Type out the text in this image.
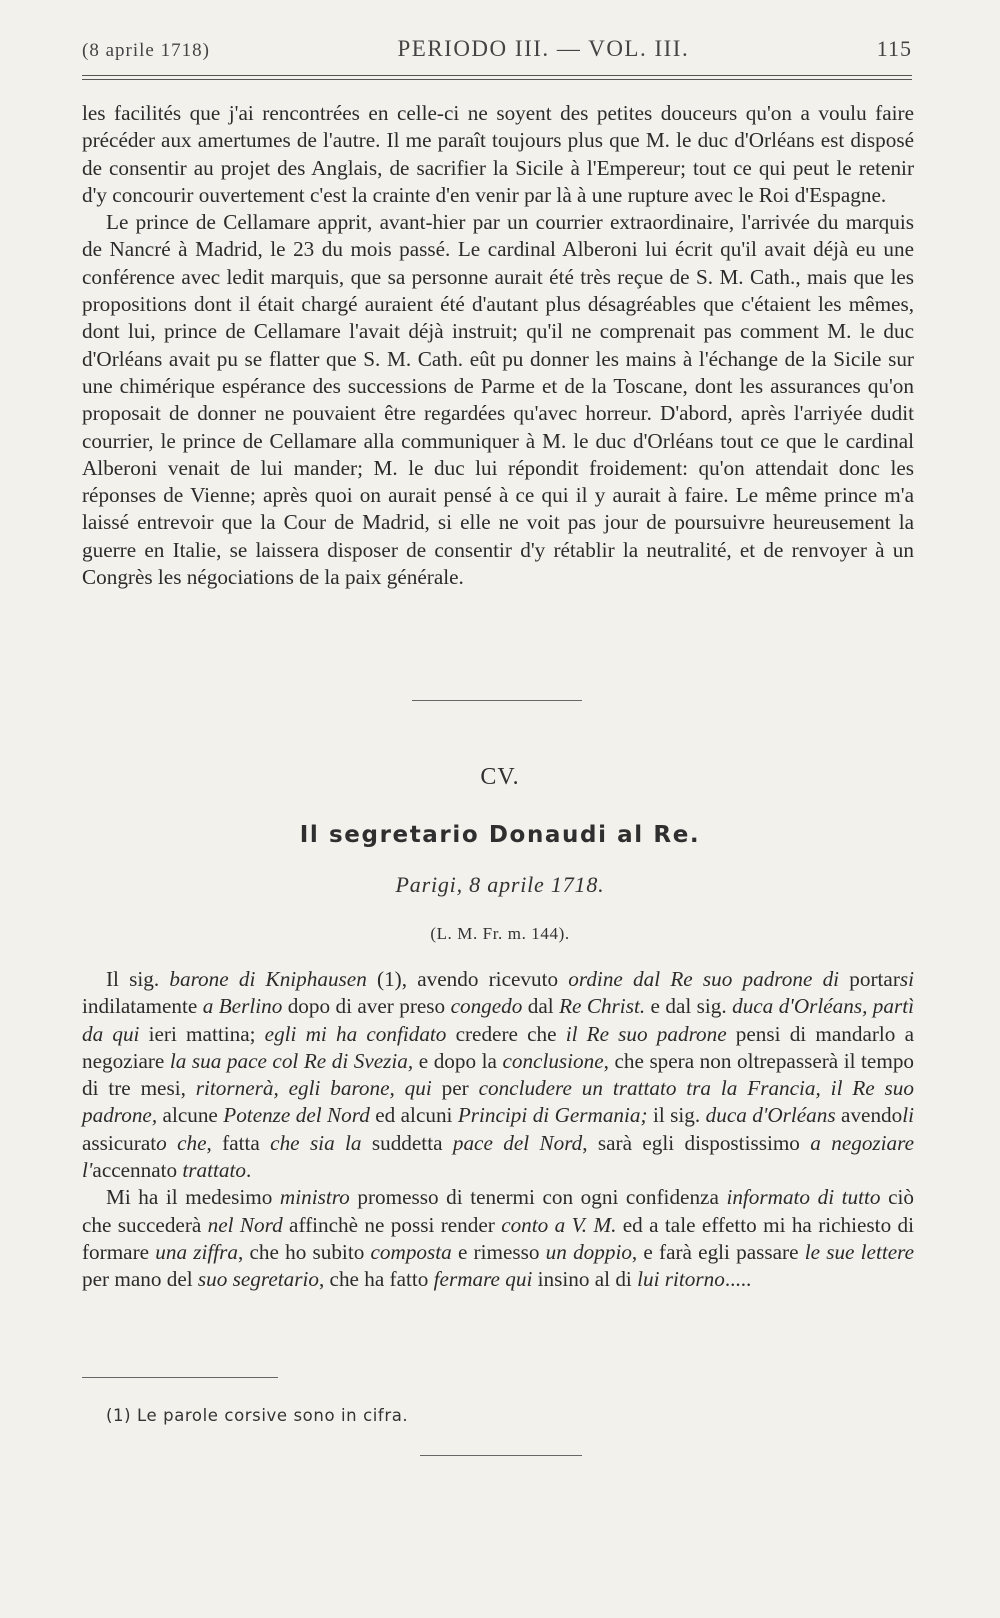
(8 aprile 1718)	PERIODO III. — VOL. III.	115

les facilités que j'ai rencontrées en celle-ci ne soyent des petites douceurs qu'on a voulu faire précéder aux amertumes de l'autre. Il me paraît toujours plus que M. le duc d'Orléans est disposé de consentir au projet des Anglais, de sacrifier la Sicile à l'Empereur; tout ce qui peut le retenir d'y concourir ouvertement c'est la crainte d'en venir par là à une rupture avec le Roi d'Espagne.

Le prince de Cellamare apprit, avant-hier par un courrier extraordinaire, l'arrivée du marquis de Nancré à Madrid, le 23 du mois passé. Le cardinal Alberoni lui écrit qu'il avait déjà eu une conférence avec ledit marquis, que sa personne aurait été très reçue de S. M. Cath., mais que les propositions dont il était chargé auraient été d'autant plus désagréables que c'étaient les mêmes, dont lui, prince de Cellamare l'avait déjà instruit; qu'il ne comprenait pas comment M. le duc d'Orléans avait pu se flatter que S. M. Cath. eût pu donner les mains à l'échange de la Sicile sur une chimérique espérance des successions de Parme et de la Toscane, dont les assurances qu'on proposait de donner ne pouvaient être regardées qu'avec horreur. D'abord, après l'arriyée dudit courrier, le prince de Cellamare alla communiquer à M. le duc d'Orléans tout ce que le cardinal Alberoni venait de lui mander; M. le duc lui répondit froidement: qu'on attendait donc les réponses de Vienne; après quoi on aurait pensé à ce qui il y aurait à faire. Le même prince m'a laissé entrevoir que la Cour de Madrid, si elle ne voit pas jour de poursuivre heureusement la guerre en Italie, se laissera disposer de consentir d'y rétablir la neutralité, et de renvoyer à un Congrès les négociations de la paix générale.

CV.
Il segretario Donaudi al Re.
Parigi, 8 aprile 1718.
(L. M. Fr. m. 144).

Il sig. barone di Kniphausen (1), avendo ricevuto ordine dal Re suo padrone di portarsi indilatamente a Berlino dopo di aver preso congedo dal Re Christ. e dal sig. duca d'Orléans, partì da qui ieri mattina; egli mi ha confidato credere che il Re suo padrone pensi di mandarlo a negoziare la sua pace col Re di Svezia, e dopo la conclusione, che spera non oltrepasserà il tempo di tre mesi, ritornerà, egli barone, qui per concludere un trattato tra la Francia, il Re suo padrone, alcune Potenze del Nord ed alcuni Principi di Germania; il sig. duca d'Orléans avendoli assicurato che, fatta che sia la suddetta pace del Nord, sarà egli dispostissimo a negoziare l'accennato trattato.

Mi ha il medesimo ministro promesso di tenermi con ogni confidenza informato di tutto ciò che succederà nel Nord affinchè ne possi render conto a V. M. ed a tale effetto mi ha richiesto di formare una ziffra, che ho subito composta e rimesso un doppio, e farà egli passare le sue lettere per mano del suo segretario, che ha fatto fermare qui insino al di lui ritorno.....

(1) Le parole corsive sono in cifra.
